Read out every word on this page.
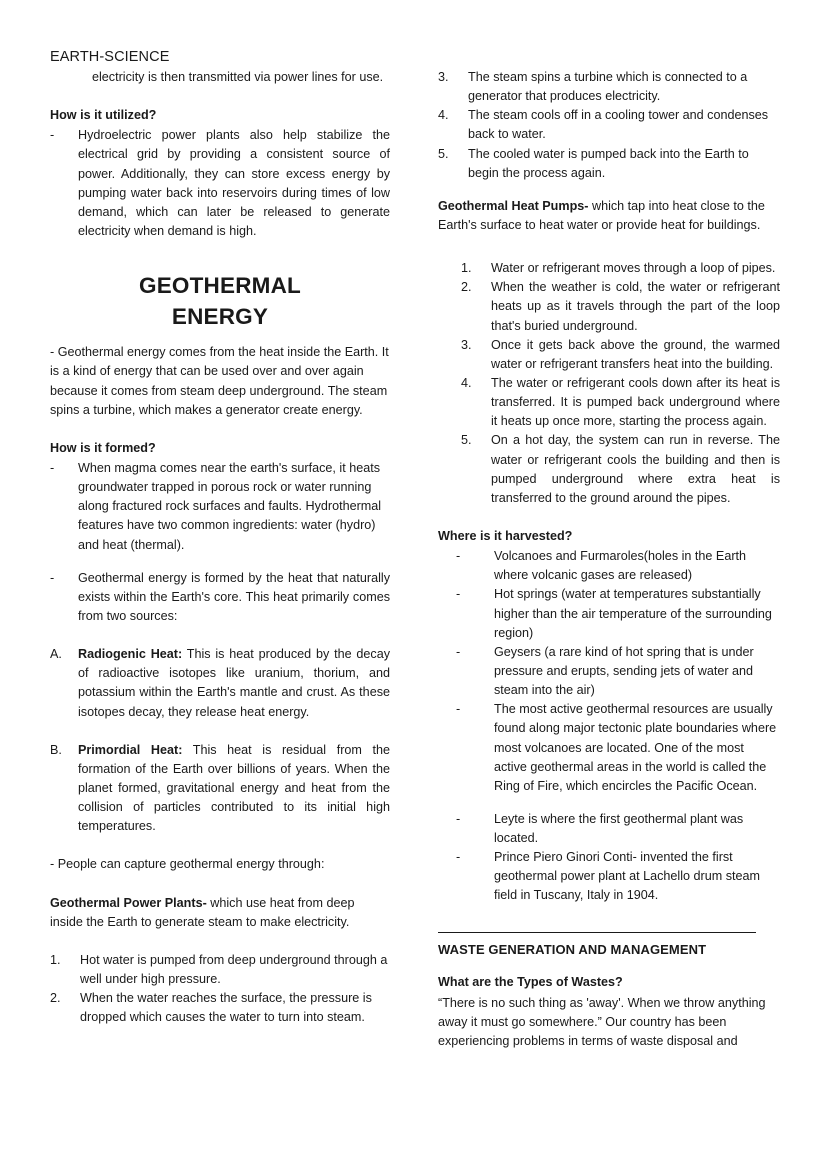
EARTH-SCIENCE

electricity is then transmitted via power lines for use.

How is it utilized?

-	Hydroelectric power plants also help stabilize the electrical grid by providing a consistent source of power. Additionally, they can store excess energy by pumping water back into reservoirs during times of low demand, which can later be released to generate electricity when demand is high.

GEOTHERMAL
ENERGY

- Geothermal energy comes from the heat inside the Earth. It is a kind of energy that can be used over and over again because it comes from steam deep underground. The steam spins a turbine, which makes a generator create energy.

How is it formed?

-	When magma comes near the earth's surface, it heats groundwater trapped in porous rock or water running along fractured rock surfaces and faults. Hydrothermal features have two common ingredients: water (hydro) and heat (thermal).
-	Geothermal energy is formed by the heat that naturally exists within the Earth's core. This heat primarily comes from two sources:
A.	Radiogenic Heat: This is heat produced by the decay of radioactive isotopes like uranium, thorium, and potassium within the Earth's mantle and crust. As these isotopes decay, they release heat energy.
B.	Primordial Heat: This heat is residual from the formation of the Earth over billions of years. When the planet formed, gravitational energy and heat from the collision of particles contributed to its initial high temperatures.

- People can capture geothermal energy through:

Geothermal Power Plants- which use heat from deep inside the Earth to generate steam to make electricity.

1.	Hot water is pumped from deep underground through a well under high pressure.
2.	When the water reaches the surface, the pressure is dropped which causes the water to turn into steam.
3.	The steam spins a turbine which is connected to a generator that produces electricity.
4.	The steam cools off in a cooling tower and condenses back to water.
5.	The cooled water is pumped back into the Earth to begin the process again.

Geothermal Heat Pumps- which tap into heat close to the Earth's surface to heat water or provide heat for buildings.

1.	Water or refrigerant moves through a loop of pipes.
2.	When the weather is cold, the water or refrigerant heats up as it travels through the part of the loop that's buried underground.
3.	Once it gets back above the ground, the warmed water or refrigerant transfers heat into the building.
4.	The water or refrigerant cools down after its heat is transferred. It is pumped back underground where it heats up once more, starting the process again.
5.	On a hot day, the system can run in reverse. The water or refrigerant cools the building and then is pumped underground where extra heat is transferred to the ground around the pipes.

Where is it harvested?

-	Volcanoes and Furmaroles(holes in the Earth where volcanic gases are released)
-	Hot springs (water at temperatures substantially higher than the air temperature of the surrounding region)
-	Geysers (a rare kind of hot spring that is under pressure and erupts, sending jets of water and steam into the air)
-	The most active geothermal resources are usually found along major tectonic plate boundaries where most volcanoes are located. One of the most active geothermal areas in the world is called the Ring of Fire, which encircles the Pacific Ocean.
-	Leyte is where the first geothermal plant was located.
-	Prince Piero Ginori Conti- invented the first geothermal power plant at Lachello drum steam field in Tuscany, Italy in 1904.

WASTE GENERATION AND MANAGEMENT

What are the Types of Wastes?

“There is no such thing as 'away'. When we throw anything away it must go somewhere.” Our country has been experiencing problems in terms of waste disposal and
